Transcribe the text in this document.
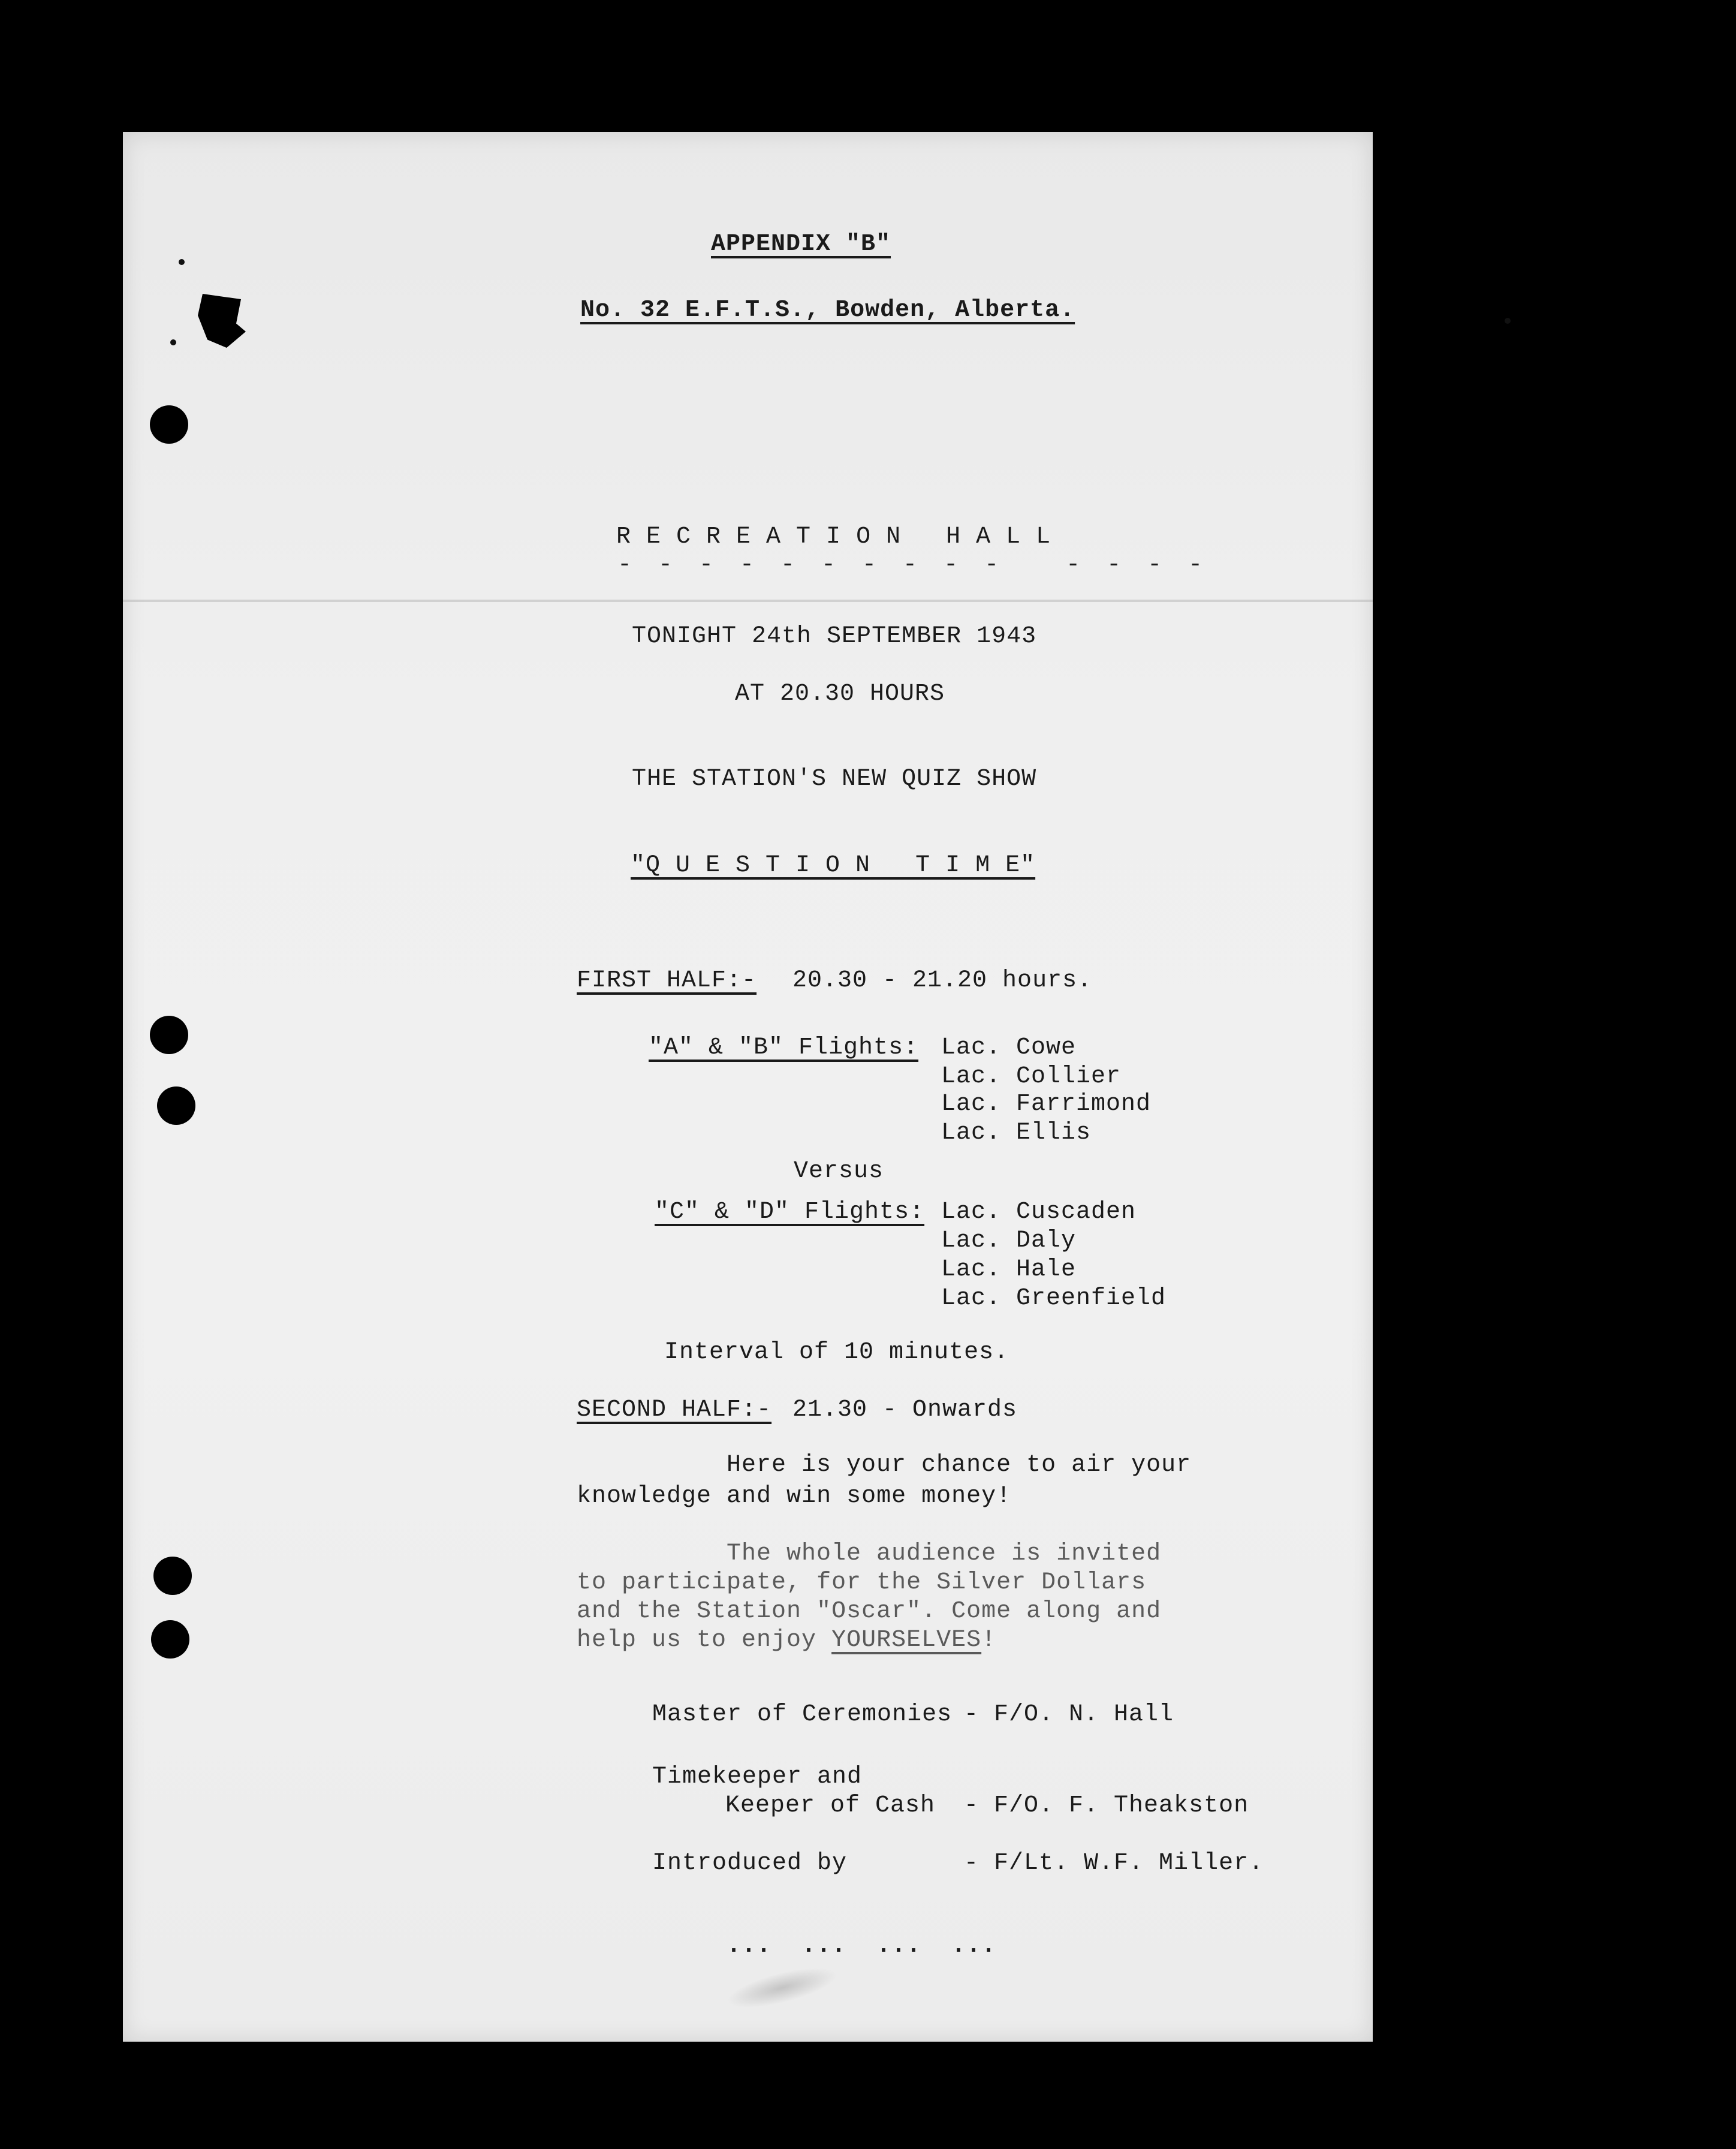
APPENDIX "B"
No. 32 E.F.T.S., Bowden, Alberta.
R E C R E A T I O N   H A L L
- - - - - - - - - -   - - - -
TONIGHT 24th SEPTEMBER 1943
AT 20.30 HOURS
THE STATION'S NEW QUIZ SHOW
"Q U E S T I O N   T I M E"
FIRST HALF:- 20.30 - 21.20 hours.
"A" & "B" Flights: Lac. Cowe
Lac. Collier
Lac. Farrimond
Lac. Ellis
Versus
"C" & "D" Flights: Lac. Cuscaden
Lac. Daly
Lac. Hale
Lac. Greenfield
Interval of 10 minutes.
SECOND HALF:- 21.30 - Onwards
Here is your chance to air your
knowledge and win some money!
The whole audience is invited
to participate, for the Silver Dollars
and the Station "Oscar". Come along and
help us to enjoy YOURSELVES!
Master of Ceremonies - F/O. N. Hall
Timekeeper and
Keeper of Cash - F/O. F. Theakston
Introduced by	- F/Lt. W.F. Miller.
...  ...  ...  ...
